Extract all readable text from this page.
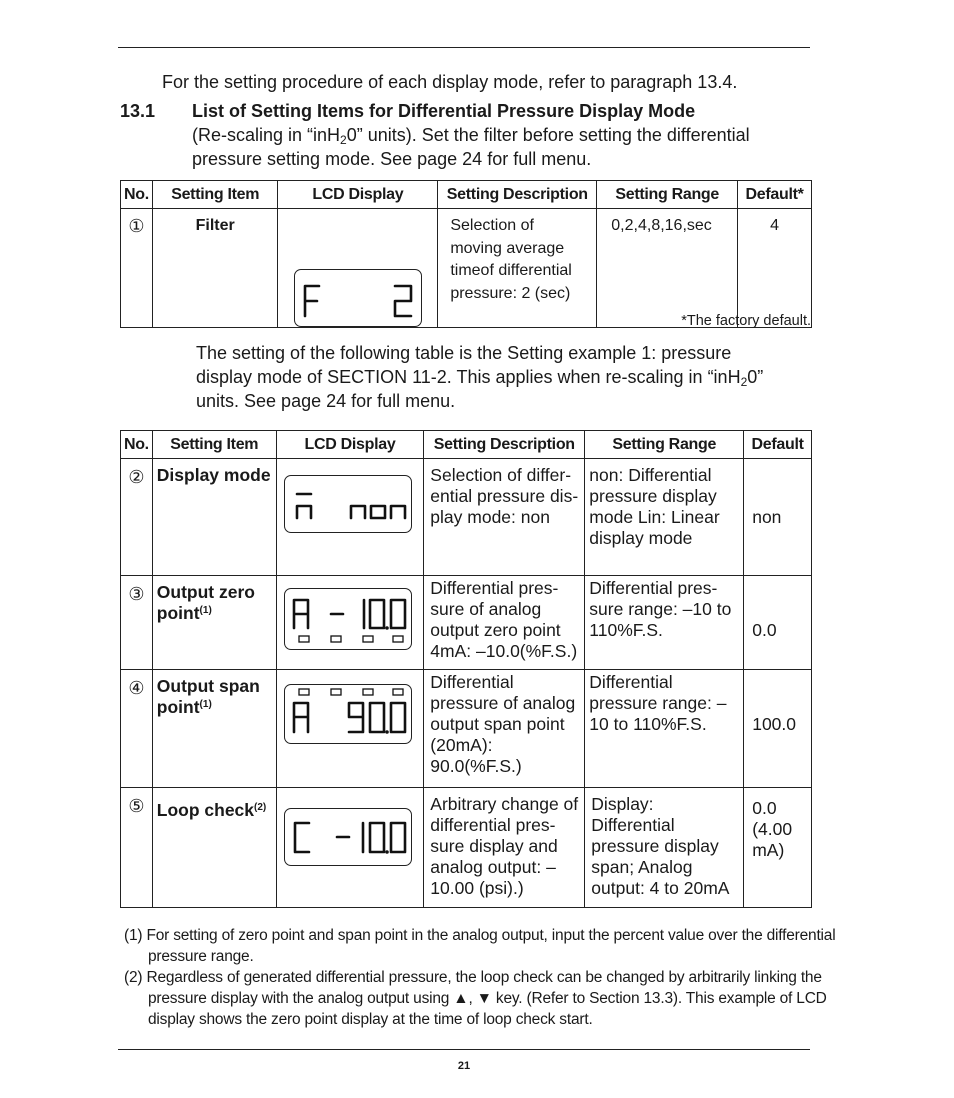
For the setting procedure of each display mode, refer to paragraph 13.4.
13.1 List of Setting Items for Differential Pressure Display Mode
(Re-scaling in “inH$_2$0” units). Set the filter before setting the differential pressure setting mode. See page 24 for full menu.
No.	Setting Item	LCD Display	Setting Description	Setting Range	Default*
①	Filter		Selection of moving average timeof differential pressure: 2 (sec)	0,2,4,8,16,sec	4
*The factory default.
The setting of the following table is the Setting example 1: pressure display mode of SECTION 11-2. This applies when re-scaling in “inH$_2$0” units. See page 24 for full menu.
No.	Setting Item	LCD Display	Setting Description	Setting Range	Default
②	Display mode		Selection of differ- ential pressure dis- play mode: non	non: Differential pressure display mode Lin: Linear display mode	non

③	Output zero point$^{(1)}$		Differential pres- sure of analog output zero point 4mA: –10.0(%F.S.)	Differential pres- sure range: –10 to 110%F.S.	0.0

④	Output span point$^{(1)}$		Differential pressure of analog output span point (20mA): 90.0(%F.S.)	Differential pressure range: –10 to 110%F.S.	100.0

⑤	Loop check$^{(2)}$		Arbitrary change of differential pres- sure display and analog output: –10.00 (psi).)	Display: Differential pressure display span; Analog output: 4 to 20mA	0.0 (4.00 mA)
(1) For setting of zero point and span point in the analog output, input the percent value over the differential pressure range.
(2) Regardless of generated differential pressure, the loop check can be changed by arbitrarily linking the pressure display with the analog output using ▲, ▼ key. (Refer to Section 13.3). This example of LCD display shows the zero point display at the time of loop check start.
21
